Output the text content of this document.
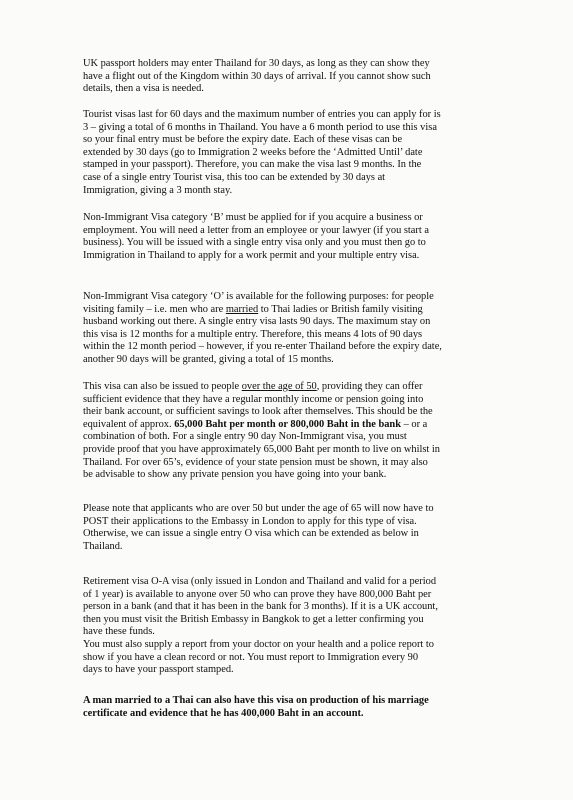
UK passport holders may enter Thailand for 30 days, as long as they can show they
have a flight out of the Kingdom within 30 days of arrival. If you cannot show such
details, then a visa is needed.

Tourist visas last for 60 days and the maximum number of entries you can apply for is
3 – giving a total of 6 months in Thailand. You have a 6 month period to use this visa
so your final entry must be before the expiry date. Each of these visas can be
extended by 30 days (go to Immigration 2 weeks before the ‘Admitted Until’ date
stamped in your passport). Therefore, you can make the visa last 9 months. In the
case of a single entry Tourist visa, this too can be extended by 30 days at
Immigration, giving a 3 month stay.

Non-Immigrant Visa category ‘B’ must be applied for if you acquire a business or
employment. You will need a letter from an employee or your lawyer (if you start a
business). You will be issued with a single entry visa only and you must then go to
Immigration in Thailand to apply for a work permit and your multiple entry visa.

Non-Immigrant Visa category ‘O’ is available for the following purposes: for people
visiting family – i.e. men who are married to Thai ladies or British family visiting
husband working out there. A single entry visa lasts 90 days. The maximum stay on
this visa is 12 months for a multiple entry. Therefore, this means 4 lots of 90 days
within the 12 month period – however, if you re-enter Thailand before the expiry date,
another 90 days will be granted, giving a total of 15 months.

This visa can also be issued to people over the age of 50, providing they can offer
sufficient evidence that they have a regular monthly income or pension going into
their bank account, or sufficient savings to look after themselves. This should be the
equivalent of approx. 65,000 Baht per month or 800,000 Baht in the bank – or a
combination of both. For a single entry 90 day Non-Immigrant visa, you must
provide proof that you have approximately 65,000 Baht per month to live on whilst in
Thailand. For over 65’s, evidence of your state pension must be shown, it may also
be advisable to show any private pension you have going into your bank.

Please note that applicants who are over 50 but under the age of 65 will now have to
POST their applications to the Embassy in London to apply for this type of visa.
Otherwise, we can issue a single entry O visa which can be extended as below in
Thailand.

Retirement visa O-A visa (only issued in London and Thailand and valid for a period
of 1 year) is available to anyone over 50 who can prove they have 800,000 Baht per
person in a bank (and that it has been in the bank for 3 months). If it is a UK account,
then you must visit the British Embassy in Bangkok to get a letter confirming you
have these funds.
You must also supply a report from your doctor on your health and a police report to
show if you have a clean record or not. You must report to Immigration every 90
days to have your passport stamped.

A man married to a Thai can also have this visa on production of his marriage
certificate and evidence that he has 400,000 Baht in an account.
